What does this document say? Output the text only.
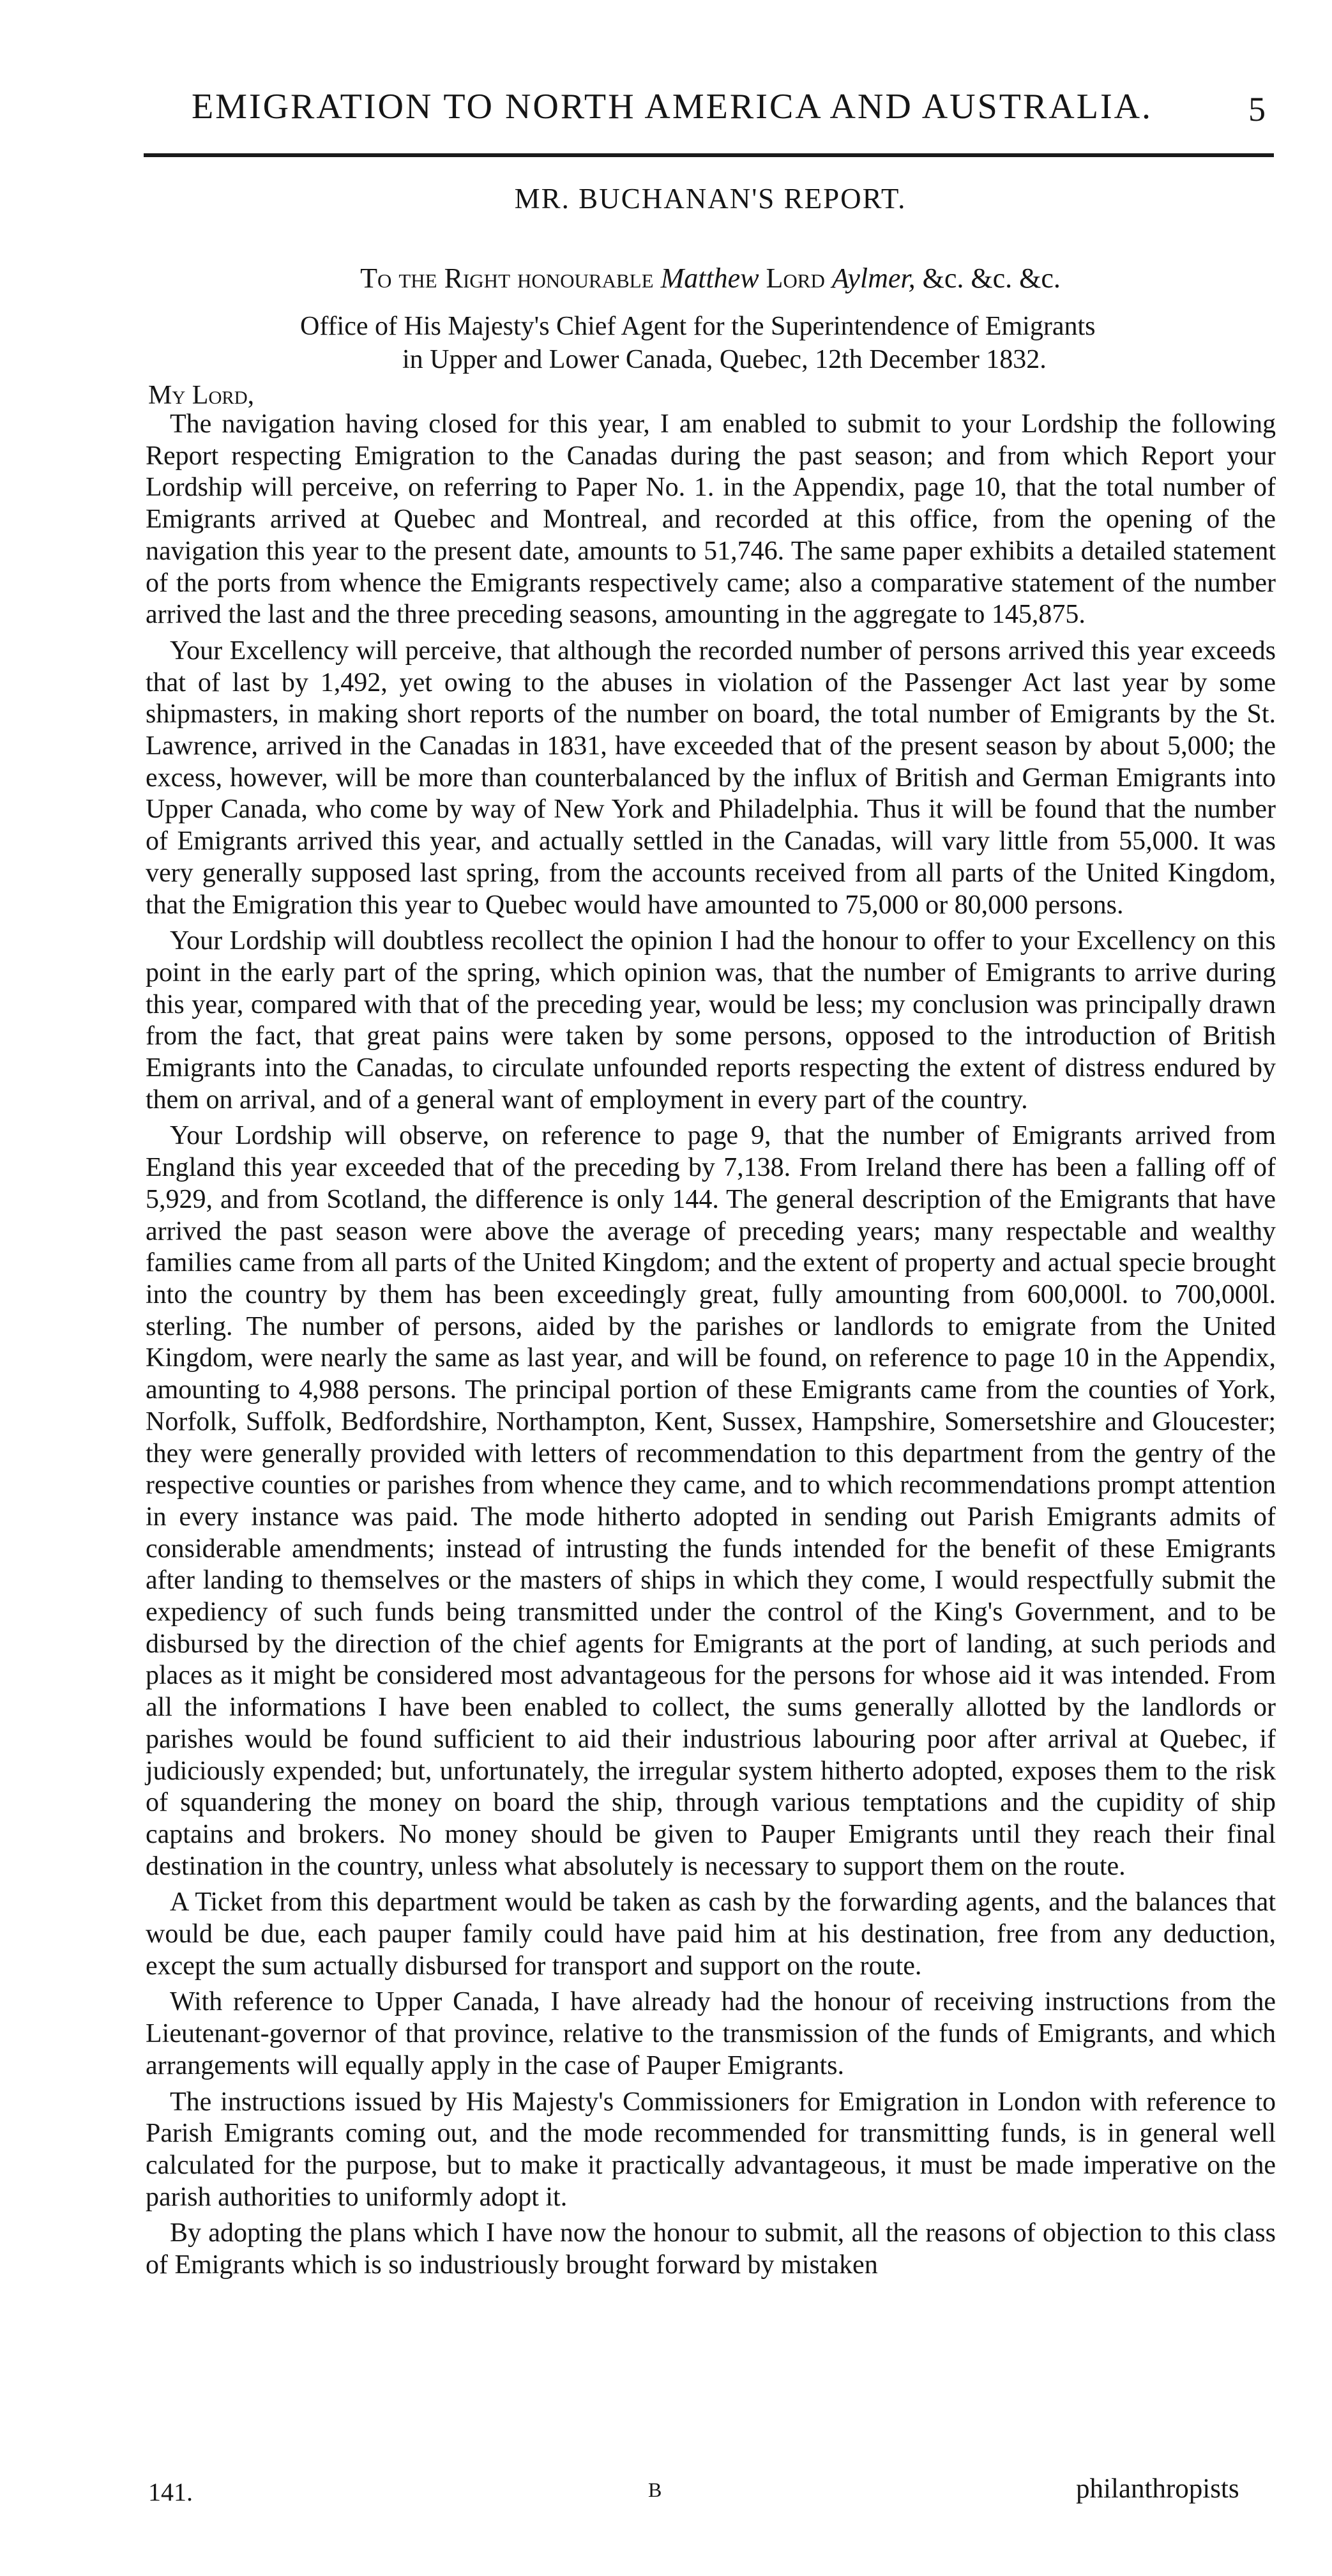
EMIGRATION TO NORTH AMERICA AND AUSTRALIA.	5
MR. BUCHANAN'S REPORT.
To the Right honourable Matthew Lord Aylmer, &c. &c. &c.
Office of His Majesty's Chief Agent for the Superintendence of Emigrants
in Upper and Lower Canada, Quebec, 12th December 1832.
My Lord,

The navigation having closed for this year, I am enabled to submit to your Lordship the following Report respecting Emigration to the Canadas during the past season; and from which Report your Lordship will perceive, on referring to Paper No. 1. in the Appendix, page 10, that the total number of Emigrants arrived at Quebec and Montreal, and recorded at this office, from the opening of the navigation this year to the present date, amounts to 51,746. The same paper exhibits a detailed statement of the ports from whence the Emigrants respectively came; also a comparative statement of the number arrived the last and the three preceding seasons, amounting in the aggregate to 145,875.

Your Excellency will perceive, that although the recorded number of persons arrived this year exceeds that of last by 1,492, yet owing to the abuses in violation of the Passenger Act last year by some shipmasters, in making short reports of the number on board, the total number of Emigrants by the St. Lawrence, arrived in the Canadas in 1831, have exceeded that of the present season by about 5,000; the excess, however, will be more than counterbalanced by the influx of British and German Emigrants into Upper Canada, who come by way of New York and Philadelphia. Thus it will be found that the number of Emigrants arrived this year, and actually settled in the Canadas, will vary little from 55,000. It was very generally supposed last spring, from the accounts received from all parts of the United Kingdom, that the Emigration this year to Quebec would have amounted to 75,000 or 80,000 persons.

Your Lordship will doubtless recollect the opinion I had the honour to offer to your Excellency on this point in the early part of the spring, which opinion was, that the number of Emigrants to arrive during this year, compared with that of the preceding year, would be less; my conclusion was principally drawn from the fact, that great pains were taken by some persons, opposed to the introduction of British Emigrants into the Canadas, to circulate unfounded reports respecting the extent of distress endured by them on arrival, and of a general want of employment in every part of the country.

Your Lordship will observe, on reference to page 9, that the number of Emigrants arrived from England this year exceeded that of the preceding by 7,138. From Ireland there has been a falling off of 5,929, and from Scotland, the difference is only 144. The general description of the Emigrants that have arrived the past season were above the average of preceding years; many respectable and wealthy families came from all parts of the United Kingdom; and the extent of property and actual specie brought into the country by them has been exceedingly great, fully amounting from 600,000l. to 700,000l. sterling. The number of persons, aided by the parishes or landlords to emigrate from the United Kingdom, were nearly the same as last year, and will be found, on reference to page 10 in the Appendix, amounting to 4,988 persons. The principal portion of these Emigrants came from the counties of York, Norfolk, Suffolk, Bedfordshire, Northampton, Kent, Sussex, Hampshire, Somersetshire and Gloucester; they were generally provided with letters of recommendation to this department from the gentry of the respective counties or parishes from whence they came, and to which recommendations prompt attention in every instance was paid. The mode hitherto adopted in sending out Parish Emigrants admits of considerable amendments; instead of intrusting the funds intended for the benefit of these Emigrants after landing to themselves or the masters of ships in which they come, I would respectfully submit the expediency of such funds being transmitted under the control of the King's Government, and to be disbursed by the direction of the chief agents for Emigrants at the port of landing, at such periods and places as it might be considered most advantageous for the persons for whose aid it was intended. From all the informations I have been enabled to collect, the sums generally allotted by the landlords or parishes would be found sufficient to aid their industrious labouring poor after arrival at Quebec, if judiciously expended; but, unfortunately, the irregular system hitherto adopted, exposes them to the risk of squandering the money on board the ship, through various temptations and the cupidity of ship captains and brokers. No money should be given to Pauper Emigrants until they reach their final destination in the country, unless what absolutely is necessary to support them on the route.

A Ticket from this department would be taken as cash by the forwarding agents, and the balances that would be due, each pauper family could have paid him at his destination, free from any deduction, except the sum actually disbursed for transport and support on the route.

With reference to Upper Canada, I have already had the honour of receiving instructions from the Lieutenant-governor of that province, relative to the transmission of the funds of Emigrants, and which arrangements will equally apply in the case of Pauper Emigrants.

The instructions issued by His Majesty's Commissioners for Emigration in London with reference to Parish Emigrants coming out, and the mode recommended for transmitting funds, is in general well calculated for the purpose, but to make it practically advantageous, it must be made imperative on the parish authorities to uniformly adopt it.

By adopting the plans which I have now the honour to submit, all the reasons of objection to this class of Emigrants which is so industriously brought forward by mistaken

141.	B	philanthropists
